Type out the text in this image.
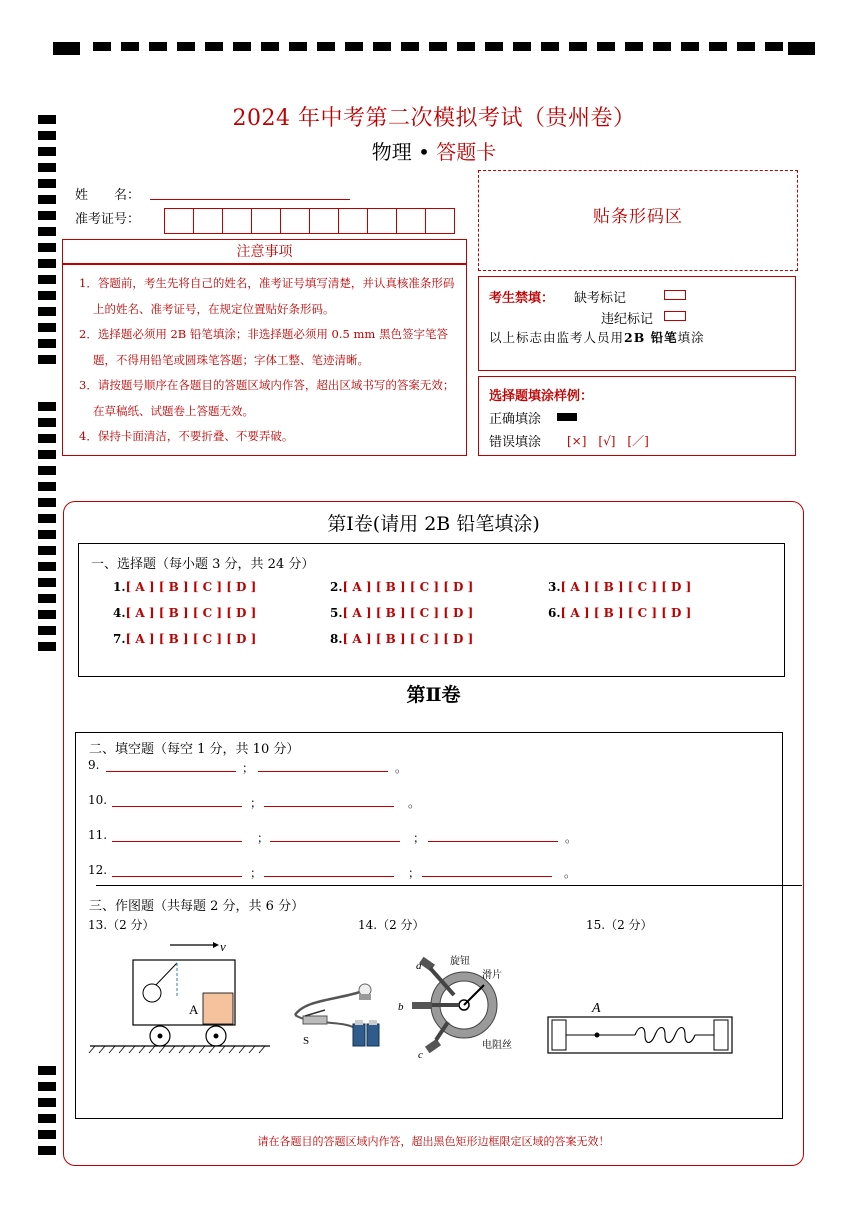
2024 年中考第二次模拟考试（贵州卷）
物理 • 答题卡
姓　　名：
准考证号：
注意事项
1．答题前，考生先将自己的姓名，准考证号填写清楚，并认真核准条形码上的姓名、准考证号，在规定位置贴好条形码。
2．选择题必须用 2B 铅笔填涂；非选择题必须用 0.5 mm 黑色签字笔答题，不得用铅笔或圆珠笔答题；字体工整、笔迹清晰。
3．请按题号顺序在各题目的答题区域内作答，超出区域书写的答案无效；在草稿纸、试题卷上答题无效。
4．保持卡面清洁，不要折叠、不要弄破。
贴条形码区
考生禁填： 缺考标记
违纪标记
以上标志由监考人员用2B 铅笔填涂
选择题填涂样例：
正确填涂
错误填涂 [×]　[√]　[／]
第Ⅰ卷(请用 2B 铅笔填涂)
一、选择题（每小题 3 分，共 24 分）
1.[ A ] [ B ] [ C ] [ D ]	2.[ A ] [ B ] [ C ] [ D ]	3.[ A ] [ B ] [ C ] [ D ]
4.[ A ] [ B ] [ C ] [ D ]	5.[ A ] [ B ] [ C ] [ D ]	6.[ A ] [ B ] [ C ] [ D ]
7.[ A ] [ B ] [ C ] [ D ]	8.[ A ] [ B ] [ C ] [ D ]
第Ⅱ卷
二、填空题（每空 1 分，共 10 分）
9.	；	。
10.	；	。
11.	；	；	。
12.	；	；	。
三、作图题（共每题 2 分，共 6 分）
13.（2 分）	14.（2 分）	15.（2 分）
v
A
S
a
b
c
旋钮
滑片
电阻丝
A
请在各题目的答题区域内作答，超出黑色矩形边框限定区域的答案无效！
